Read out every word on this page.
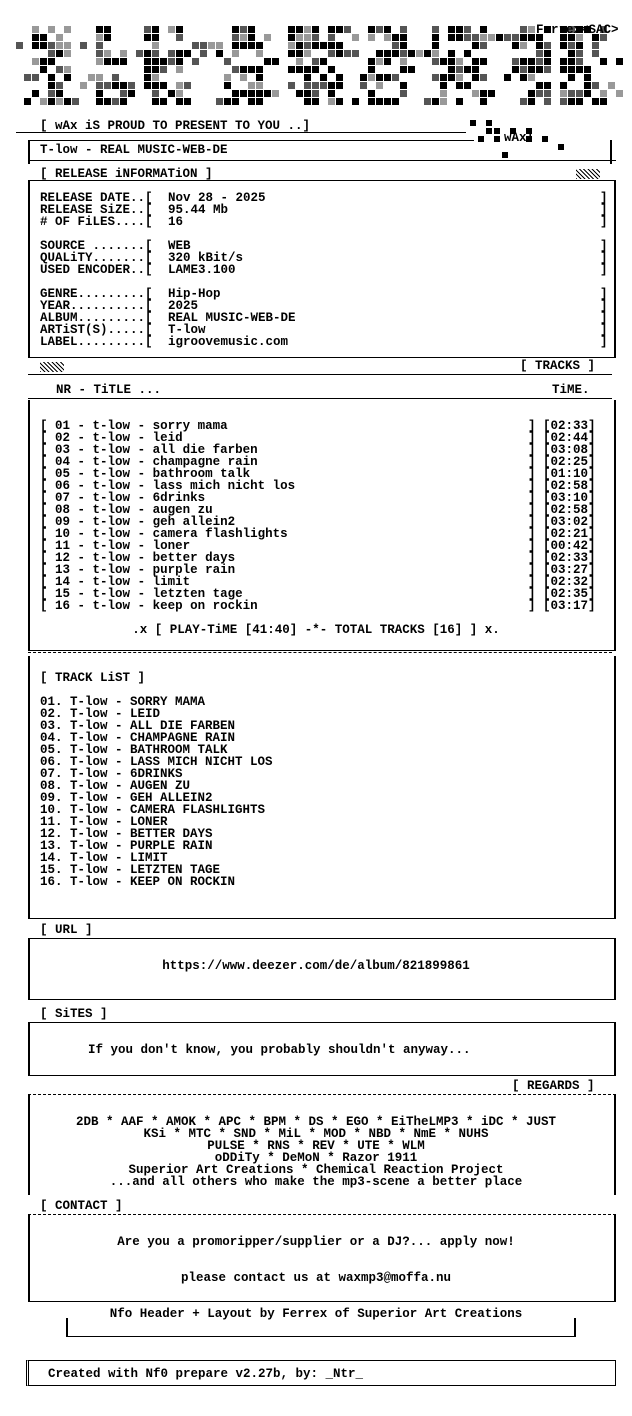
Ferrex<SAC>
[ wAx iS PROUD TO PRESENT TO YOU ..]
wAx!
T-low - REAL MUSIC-WEB-DE
[ RELEASE iNFORMATiON ]
RELEASE DATE..[ Nov 28 - 2025	]
RELEASE SiZE..[ 95.44 Mb	]
# OF FiLES....[ 16	]
SOURCE .......[ WEB	]
QUALiTY.......[ 320 kBit/s	]
USED ENCODER..[ LAME3.100	]
GENRE.........[ Hip-Hop	]
YEAR..........[ 2025	]
ALBUM.........[ REAL MUSIC-WEB-DE	]
ARTiST(S).....[ T-low	]
LABEL.........[ igroovemusic.com	]
[ TRACKS ]
NR - TiTLE ...	TiME.
[ 01 - t-low - sorry mama	] [02:33]
[ 02 - t-low - leid	] [02:44]
[ 03 - t-low - all die farben	] [03:08]
[ 04 - t-low - champagne rain	] [02:25]
[ 05 - t-low - bathroom talk	] [01:10]
[ 06 - t-low - lass mich nicht los	] [02:58]
[ 07 - t-low - 6drinks	] [03:10]
[ 08 - t-low - augen zu	] [02:58]
[ 09 - t-low - geh allein2	] [03:02]
[ 10 - t-low - camera flashlights	] [02:21]
[ 11 - t-low - loner	] [00:42]
[ 12 - t-low - better days	] [02:33]
[ 13 - t-low - purple rain	] [03:27]
[ 14 - t-low - limit	] [02:32]
[ 15 - t-low - letzten tage	] [02:35]
[ 16 - t-low - keep on rockin	] [03:17]
.x [ PLAY-TiME [41:40] -*- TOTAL TRACKS [16] ] x.
[ TRACK LiST ]
01. T-low - SORRY MAMA
02. T-low - LEID
03. T-low - ALL DIE FARBEN
04. T-low - CHAMPAGNE RAIN
05. T-low - BATHROOM TALK
06. T-low - LASS MICH NICHT LOS
07. T-low - 6DRINKS
08. T-low - AUGEN ZU
09. T-low - GEH ALLEIN2
10. T-low - CAMERA FLASHLIGHTS
11. T-low - LONER
12. T-low - BETTER DAYS
13. T-low - PURPLE RAIN
14. T-low - LIMIT
15. T-low - LETZTEN TAGE
16. T-low - KEEP ON ROCKIN
[ URL ]
https://www.deezer.com/de/album/821899861
[ SiTES ]
If you don't know, you probably shouldn't anyway...
[ REGARDS ]
2DB * AAF * AMOK * APC * BPM * DS * EGO * EiTheLMP3 * iDC * JUST
KSi * MTC * SND * MiL * MOD * NBD * NmE * NUHS
PULSE * RNS * REV * UTE * WLM
oDDiTy * DeMoN * Razor 1911
Superior Art Creations * Chemical Reaction Project
...and all others who make the mp3-scene a better place
[ CONTACT ]
Are you a promoripper/supplier or a DJ?... apply now!
please contact us at waxmp3@moffa.nu
Nfo Header + Layout by Ferrex of Superior Art Creations
Created with Nf0 prepare v2.27b, by: _Ntr_
